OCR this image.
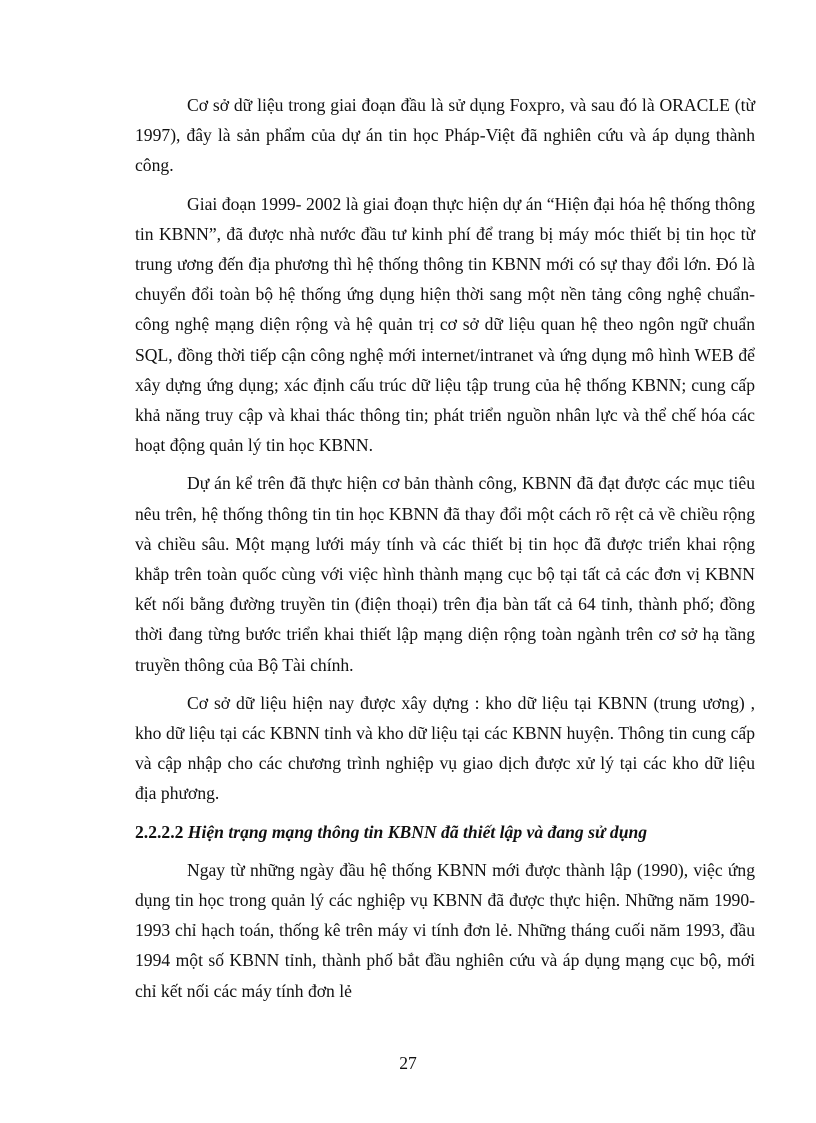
Cơ sở dữ liệu trong giai đoạn đầu là sử dụng Foxpro, và sau đó là ORACLE (từ 1997), đây là sản phẩm của dự án tin học Pháp-Việt đã nghiên cứu và áp dụng thành công.

Giai đoạn 1999- 2002 là giai đoạn thực hiện dự án “Hiện đại hóa hệ thống thông tin KBNN”, đã được nhà nước đầu tư kinh phí để trang bị máy móc thiết bị tin học từ trung ương đến địa phương thì hệ thống thông tin KBNN mới có sự thay đổi lớn. Đó là chuyển đổi toàn bộ hệ thống ứng dụng hiện thời sang một nền tảng công nghệ chuẩn- công nghệ mạng diện rộng và hệ quản trị cơ sở dữ liệu quan hệ theo ngôn ngữ chuẩn SQL, đồng thời tiếp cận công nghệ mới internet/intranet và ứng dụng mô hình WEB để xây dựng ứng dụng; xác định cấu trúc dữ liệu tập trung của hệ thống KBNN; cung cấp khả năng truy cập và khai thác thông tin; phát triển nguồn nhân lực và thể chế hóa các hoạt động quản lý tin học KBNN.

Dự án kể trên đã thực hiện cơ bản thành công, KBNN đã đạt được các mục tiêu nêu trên, hệ thống thông tin tin học KBNN đã thay đổi một cách rõ rệt cả về chiều rộng và chiều sâu. Một mạng lưới máy tính và các thiết bị tin học đã được triển khai rộng khắp trên toàn quốc cùng với việc hình thành mạng cục bộ tại tất cả các đơn vị KBNN kết nối bằng đường truyền tin (điện thoại) trên địa bàn tất cả 64 tỉnh, thành phố; đồng thời đang từng bước triển khai thiết lập mạng diện rộng toàn ngành trên cơ sở hạ tầng truyền thông của Bộ Tài chính.

Cơ sở dữ liệu hiện nay được xây dựng : kho dữ liệu tại KBNN (trung ương) , kho dữ liệu tại các KBNN tỉnh và kho dữ liệu tại các KBNN huyện. Thông tin cung cấp và cập nhập cho các chương trình nghiệp vụ giao dịch được xử lý tại các kho dữ liệu địa phương.

2.2.2.2 Hiện trạng mạng thông tin KBNN đã thiết lập và đang sử dụng

Ngay từ những ngày đầu hệ thống KBNN mới được thành lập (1990), việc ứng dụng tin học trong quản lý các nghiệp vụ KBNN đã được thực hiện. Những năm 1990-1993 chỉ hạch toán, thống kê trên máy vi tính đơn lẻ. Những tháng cuối năm 1993, đầu 1994 một số KBNN tỉnh, thành phố bắt đầu nghiên cứu và áp dụng mạng cục bộ, mới chỉ kết nối các máy tính đơn lẻ

27
